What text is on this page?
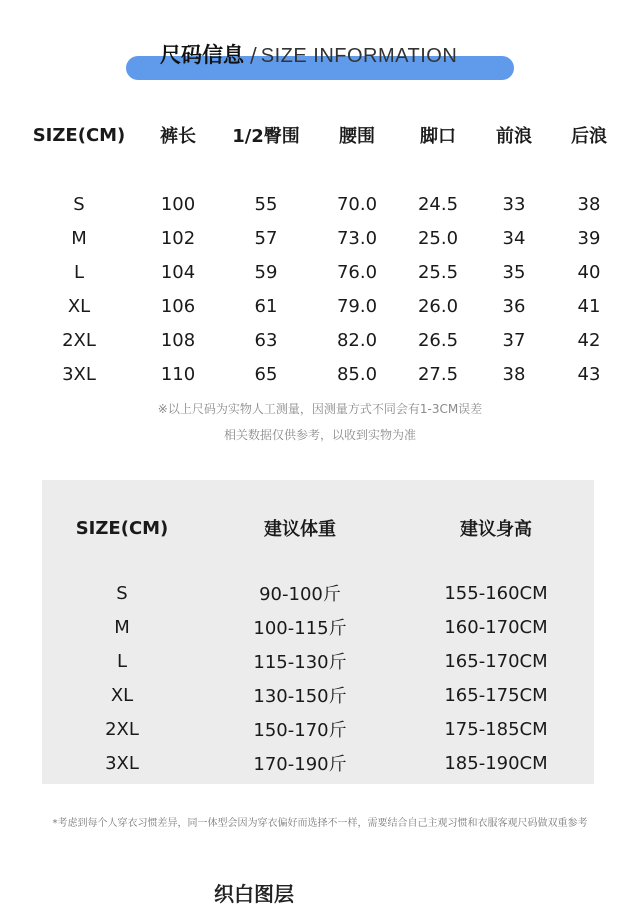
尺码信息 / SIZE INFORMATION
SIZE(CM)	裤长	1/2臀围	腰围	脚口	前浪	后浪
S	100	55	70.0	24.5	33	38
M	102	57	73.0	25.0	34	39
L	104	59	76.0	25.5	35	40
XL	106	61	79.0	26.0	36	41
2XL	108	63	82.0	26.5	37	42
3XL	110	65	85.0	27.5	38	43
※以上尺码为实物人工测量，因测量方式不同会有1-3CM误差
相关数据仅供参考，以收到实物为准
SIZE(CM)	建议体重	建议身高
S	90-100斤	155-160CM
M	100-115斤	160-170CM
L	115-130斤	165-170CM
XL	130-150斤	165-175CM
2XL	150-170斤	175-185CM
3XL	170-190斤	185-190CM
*考虑到每个人穿衣习惯差异，同一体型会因为穿衣偏好而选择不一样，需要结合自己主观习惯和衣服客观尺码做双重参考
织白图层
